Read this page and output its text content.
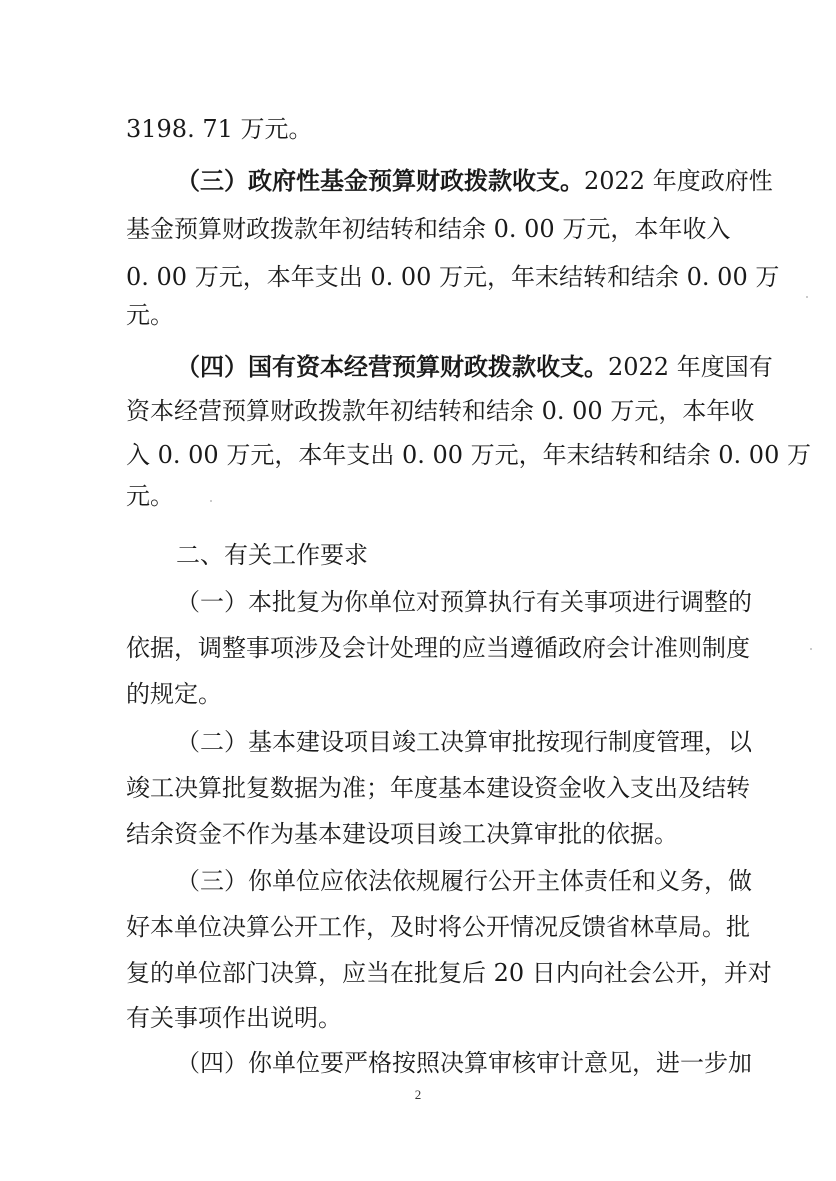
3198. 71 万元。
（三）政府性基金预算财政拨款收支。2022 年度政府性
基金预算财政拨款年初结转和结余 0. 00 万元，本年收入
0. 00 万元，本年支出 0. 00 万元，年末结转和结余 0. 00 万
元。
（四）国有资本经营预算财政拨款收支。2022 年度国有
资本经营预算财政拨款年初结转和结余 0. 00 万元，本年收
入 0. 00 万元，本年支出 0. 00 万元，年末结转和结余 0. 00 万
元。
二、有关工作要求
（一）本批复为你单位对预算执行有关事项进行调整的
依据，调整事项涉及会计处理的应当遵循政府会计准则制度
的规定。
（二）基本建设项目竣工决算审批按现行制度管理，以
竣工决算批复数据为准；年度基本建设资金收入支出及结转
结余资金不作为基本建设项目竣工决算审批的依据。
（三）你单位应依法依规履行公开主体责任和义务，做
好本单位决算公开工作，及时将公开情况反馈省林草局。批
复的单位部门决算，应当在批复后 20 日内向社会公开，并对
有关事项作出说明。
（四）你单位要严格按照决算审核审计意见，进一步加
2
